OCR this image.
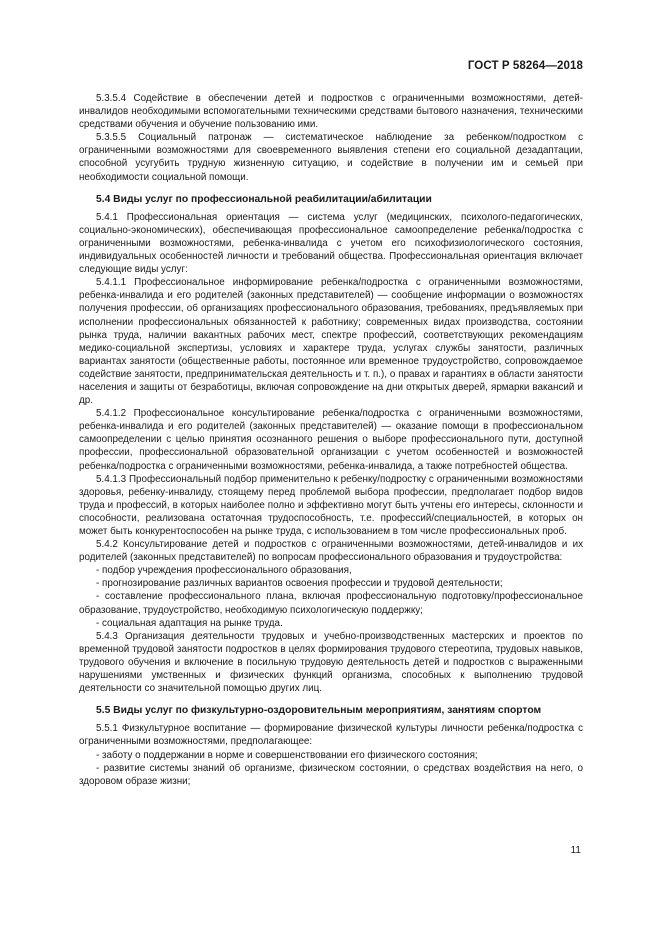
ГОСТ Р 58264—2018

5.3.5.4 Содействие в обеспечении детей и подростков с ограниченными возможностями, детей-инвалидов необходимыми вспомогательными техническими средствами бытового назначения, техническими средствами обучения и обучение пользованию ими.

5.3.5.5 Социальный патронаж — систематическое наблюдение за ребенком/подростком с ограниченными возможностями для своевременного выявления степени его социальной дезадаптации, способной усугубить трудную жизненную ситуацию, и содействие в получении им и семьей при необходимости социальной помощи.

5.4 Виды услуг по профессиональной реабилитации/абилитации

5.4.1 Профессиональная ориентация — система услуг (медицинских, психолого-педагогических, социально-экономических), обеспечивающая профессиональное самоопределение ребенка/подростка с ограниченными возможностями, ребенка-инвалида с учетом его психофизиологического состояния, индивидуальных особенностей личности и требований общества. Профессиональная ориентация включает следующие виды услуг:

5.4.1.1 Профессиональное информирование ребенка/подростка с ограниченными возможностями, ребенка-инвалида и его родителей (законных представителей) — сообщение информации о возможностях получения профессии, об организациях профессионального образования, требованиях, предъявляемых при исполнении профессиональных обязанностей к работнику; современных видах производства, состоянии рынка труда, наличии вакантных рабочих мест, спектре профессий, соответствующих рекомендациям медико-социальной экспертизы, условиях и характере труда, услугах службы занятости, различных вариантах занятости (общественные работы, постоянное или временное трудоустройство, сопровождаемое содействие занятости, предпринимательская деятельность и т. п.), о правах и гарантиях в области занятости населения и защиты от безработицы, включая сопровождение на дни открытых дверей, ярмарки вакансий и др.

5.4.1.2 Профессиональное консультирование ребенка/подростка с ограниченными возможностями, ребенка-инвалида и его родителей (законных представителей) — оказание помощи в профессиональном самоопределении с целью принятия осознанного решения о выборе профессионального пути, доступной профессии, профессиональной образовательной организации с учетом особенностей и возможностей ребенка/подростка с ограниченными возможностями, ребенка-инвалида, а также потребностей общества.

5.4.1.3 Профессиональный подбор применительно к ребенку/подростку с ограниченными возможностями здоровья, ребенку-инвалиду, стоящему перед проблемой выбора профессии, предполагает подбор видов труда и профессий, в которых наиболее полно и эффективно могут быть учтены его интересы, склонности и способности, реализована остаточная трудоспособность, т.е. профессий/специальностей, в которых он может быть конкурентоспособен на рынке труда, с использованием в том числе профессиональных проб.

5.4.2 Консультирование детей и подростков с ограниченными возможностями, детей-инвалидов и их родителей (законных представителей) по вопросам профессионального образования и трудоустройства:

- подбор учреждения профессионального образования,

- прогнозирование различных вариантов освоения профессии и трудовой деятельности;

- составление профессионального плана, включая профессиональную подготовку/профессиональное образование, трудоустройство, необходимую психологическую поддержку;

- социальная адаптация на рынке труда.

5.4.3 Организация деятельности трудовых и учебно-производственных мастерских и проектов по временной трудовой занятости подростков в целях формирования трудового стереотипа, трудовых навыков, трудового обучения и включение в посильную трудовую деятельность детей и подростков с выраженными нарушениями умственных и физических функций организма, способных к выполнению трудовой деятельности со значительной помощью других лиц.

5.5 Виды услуг по физкультурно-оздоровительным мероприятиям, занятиям спортом

5.5.1 Физкультурное воспитание — формирование физической культуры личности ребенка/подростка с ограниченными возможностями, предполагающее:

- заботу о поддержании в норме и совершенствовании его физического состояния;

- развитие системы знаний об организме, физическом состоянии, о средствах воздействия на него, о здоровом образе жизни;

11
